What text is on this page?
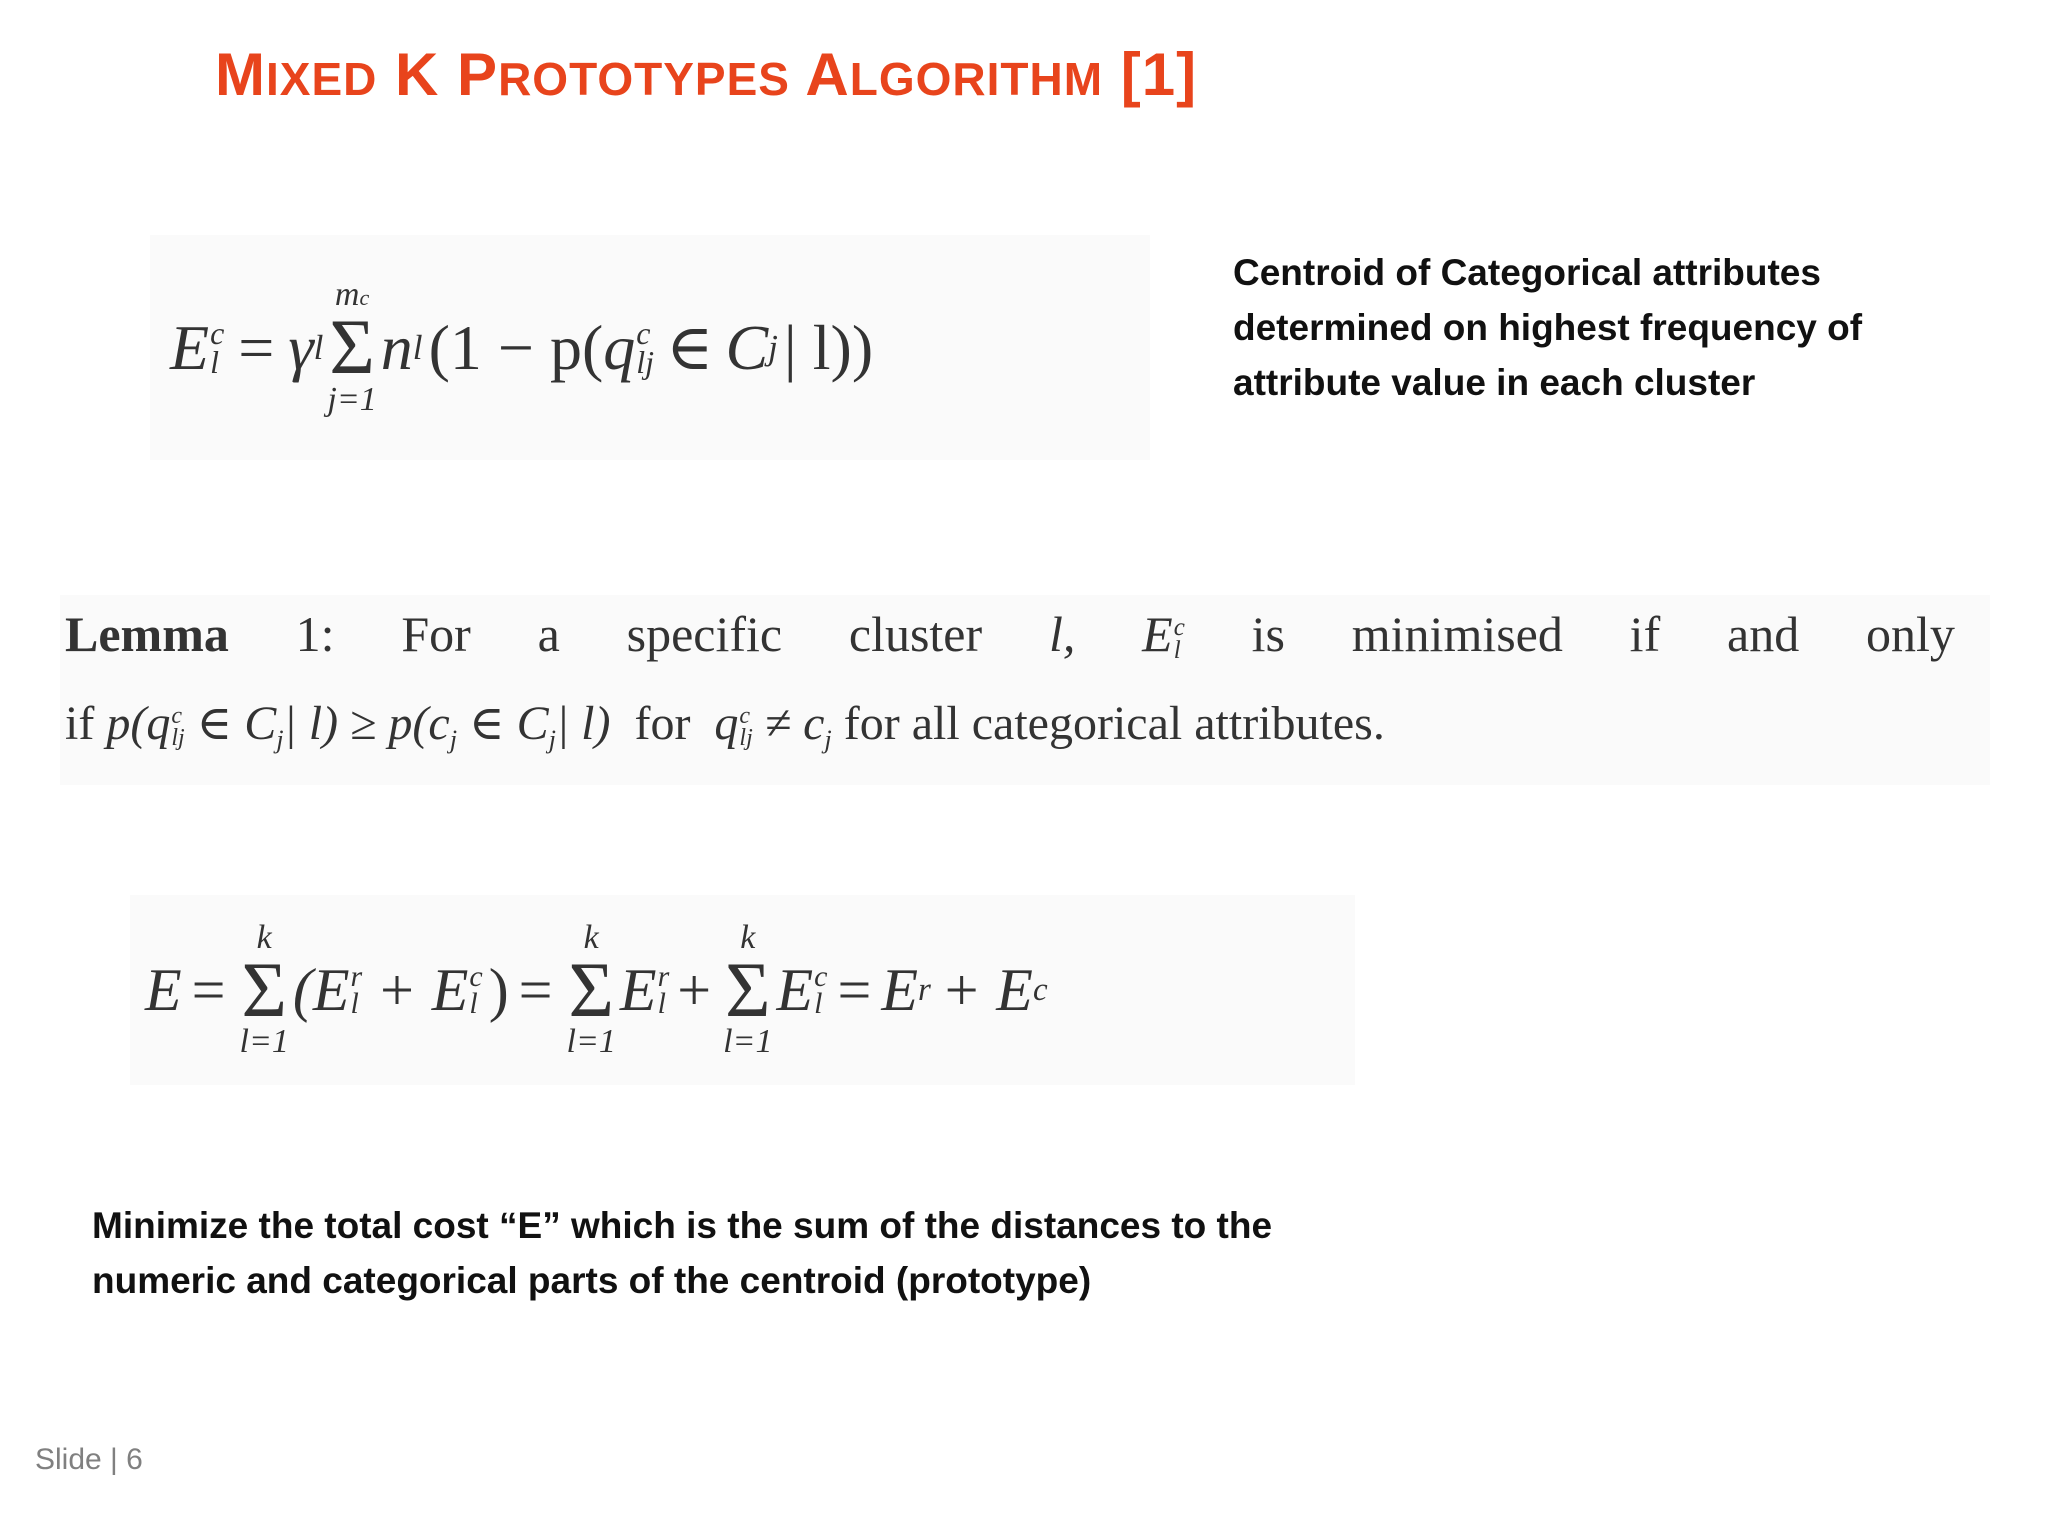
MIXED K PROTOTYPES ALGORITHM [1]
E c
l = γ l
mc
Σ
j=1
n l (1 − p( q c
lj ∈ C j | l))
Centroid of Categorical attributes
determined on highest frequency of
attribute value in each cluster
Lemma 1: For a specific cluster l, E c
l is minimised if and only
if p(q c
lj ∈ $C_j|$ $l) \ge p(c_j$ ∈ $C_j|$ l) for q c
lj ≠ $c_j$ for all categorical attributes.
E =
k
Σ
l=1
(E r
l + E c
l ) =
k
Σ
l=1
E r
l +
k
Σ
l=1
E c
l = E r + E c
Minimize the total cost “E” which is the sum of the distances to the
numeric and categorical parts of the centroid (prototype)
Slide | 6
